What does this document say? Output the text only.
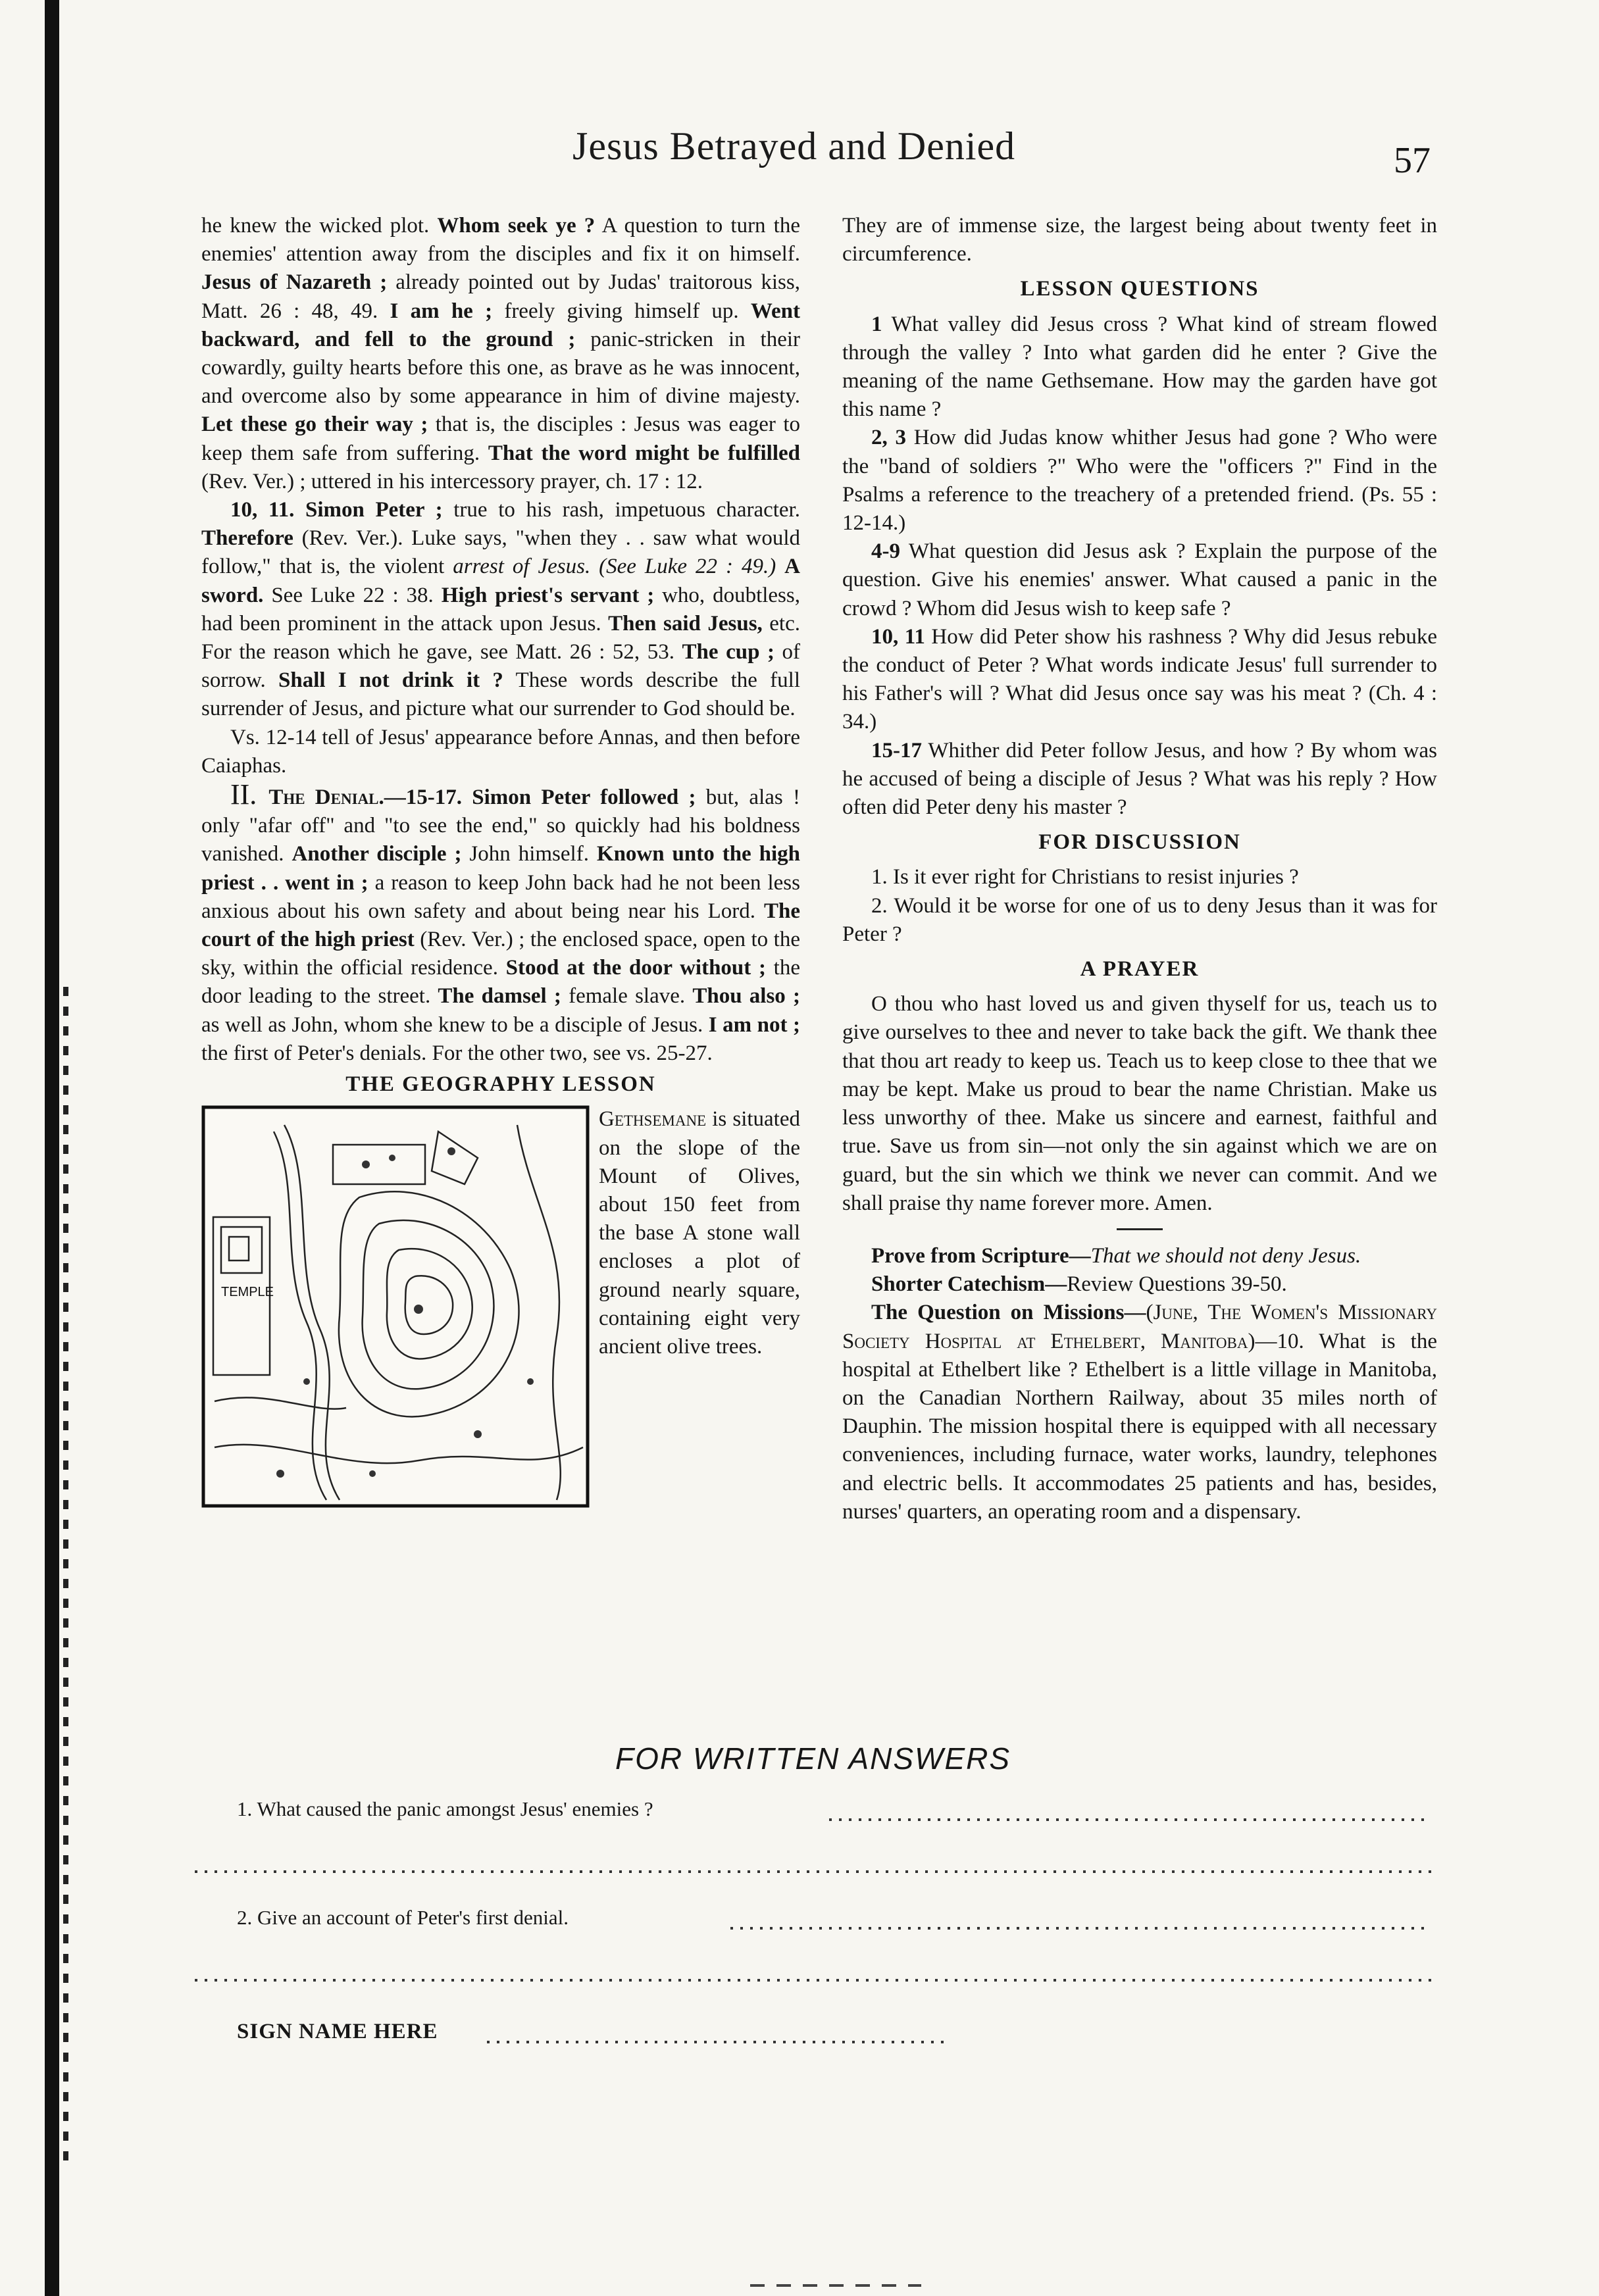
Jesus Betrayed and Denied	57

he knew the wicked plot. Whom seek ye ? A question to turn the enemies' attention away from the disciples and fix it on himself. Jesus of Nazareth ; already pointed out by Judas' traitorous kiss, Matt. 26 : 48, 49. I am he ; freely giving himself up. Went backward, and fell to the ground ; panic-stricken in their cowardly, guilty hearts before this one, as brave as he was innocent, and overcome also by some appearance in him of divine majesty. Let these go their way ; that is, the disciples : Jesus was eager to keep them safe from suffering. That the word might be fulfilled (Rev. Ver.) ; uttered in his intercessory prayer, ch. 17 : 12.

10, 11. Simon Peter ; true to his rash, impetuous character. Therefore (Rev. Ver.). Luke says, "when they . . saw what would follow," that is, the violent arrest of Jesus. (See Luke 22 : 49.) A sword. See Luke 22 : 38. High priest's servant ; who, doubtless, had been prominent in the attack upon Jesus. Then said Jesus, etc. For the reason which he gave, see Matt. 26 : 52, 53. The cup ; of sorrow. Shall I not drink it ? These words describe the full surrender of Jesus, and picture what our surrender to God should be.

Vs. 12-14 tell of Jesus' appearance before Annas, and then before Caiaphas.

II. The Denial.—15-17. Simon Peter followed ; but, alas ! only "afar off" and "to see the end," so quickly had his boldness vanished. Another disciple ; John himself. Known unto the high priest . . went in ; a reason to keep John back had he not been less anxious about his own safety and about being near his Lord. The court of the high priest (Rev. Ver.) ; the enclosed space, open to the sky, within the official residence. Stood at the door without ; the door leading to the street. The damsel ; female slave. Thou also ; as well as John, whom she knew to be a disciple of Jesus. I am not ; the first of Peter's denials. For the other two, see vs. 25-27.

THE GEOGRAPHY LESSON
TEMPLE
Gethsemane is situated on the slope of the Mount of Olives, about 150 feet from the base A stone wall encloses a plot of ground nearly square, containing eight very ancient olive trees.

They are of immense size, the largest being about twenty feet in circumference.

LESSON QUESTIONS

1 What valley did Jesus cross ? What kind of stream flowed through the valley ? Into what garden did he enter ? Give the meaning of the name Gethsemane. How may the garden have got this name ?

2, 3 How did Judas know whither Jesus had gone ? Who were the "band of soldiers ?" Who were the "officers ?" Find in the Psalms a reference to the treachery of a pretended friend. (Ps. 55 : 12-14.)

4-9 What question did Jesus ask ? Explain the purpose of the question. Give his enemies' answer. What caused a panic in the crowd ? Whom did Jesus wish to keep safe ?

10, 11 How did Peter show his rashness ? Why did Jesus rebuke the conduct of Peter ? What words indicate Jesus' full surrender to his Father's will ? What did Jesus once say was his meat ? (Ch. 4 : 34.)

15-17 Whither did Peter follow Jesus, and how ? By whom was he accused of being a disciple of Jesus ? What was his reply ? How often did Peter deny his master ?

FOR DISCUSSION

1. Is it ever right for Christians to resist injuries ?

2. Would it be worse for one of us to deny Jesus than it was for Peter ?

A PRAYER

O thou who hast loved us and given thyself for us, teach us to give ourselves to thee and never to take back the gift. We thank thee that thou art ready to keep us. Teach us to keep close to thee that we may be kept. Make us proud to bear the name Christian. Make us less unworthy of thee. Make us sincere and earnest, faithful and true. Save us from sin—not only the sin against which we are on guard, but the sin which we think we never can commit. And we shall praise thy name forever more. Amen.

Prove from Scripture—That we should not deny Jesus.

Shorter Catechism—Review Questions 39-50.

The Question on Missions—(June, The Women's Missionary Society Hospital at Ethelbert, Manitoba)—10. What is the hospital at Ethelbert like ? Ethelbert is a little village in Manitoba, on the Canadian Northern Railway, about 35 miles north of Dauphin. The mission hospital there is equipped with all necessary conveniences, including furnace, water works, laundry, telephones and electric bells. It accommodates 25 patients and has, besides, nurses' quarters, an operating room and a dispensary.

FOR WRITTEN ANSWERS
1. What caused the panic amongst Jesus' enemies ?
2. Give an account of Peter's first denial.
SIGN NAME HERE
